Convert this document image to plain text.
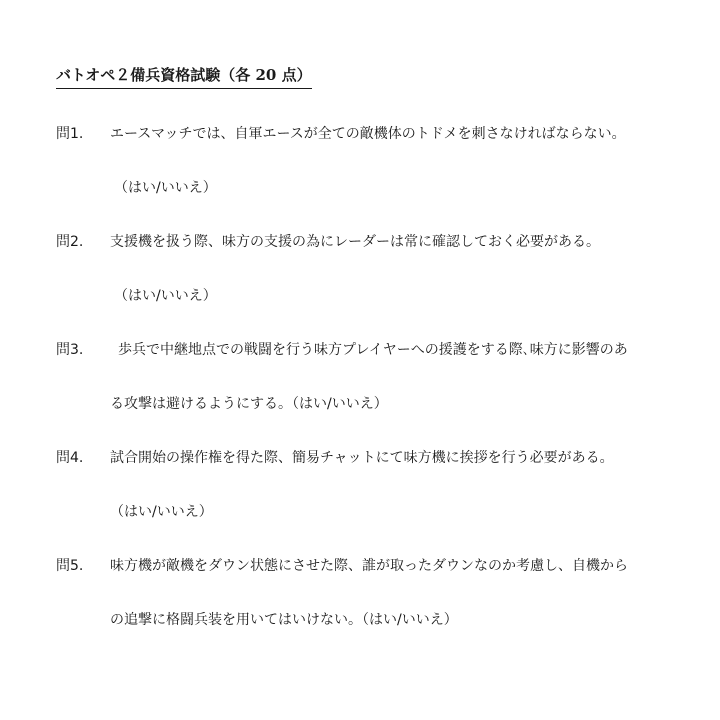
バトオペ２備兵資格試験（各 20 点）
問1. エースマッチでは、自軍エースが全ての敵機体のトドメを刺さなければならない。
（はい/いいえ）
問2. 支援機を扱う際、味方の支援の為にレーダーは常に確認しておく必要がある。
（はい/いいえ）
問3. 歩兵で中継地点での戦闘を行う味方プレイヤーへの援護をする際､味方に影響のあ
る攻撃は避けるようにする。（はい/いいえ）
問4. 試合開始の操作権を得た際、簡易チャットにて味方機に挨拶を行う必要がある。
（はい/いいえ）
問5. 味方機が敵機をダウン状態にさせた際、誰が取ったダウンなのか考慮し、自機から
の追撃に格闘兵装を用いてはいけない。（はい/いいえ）
